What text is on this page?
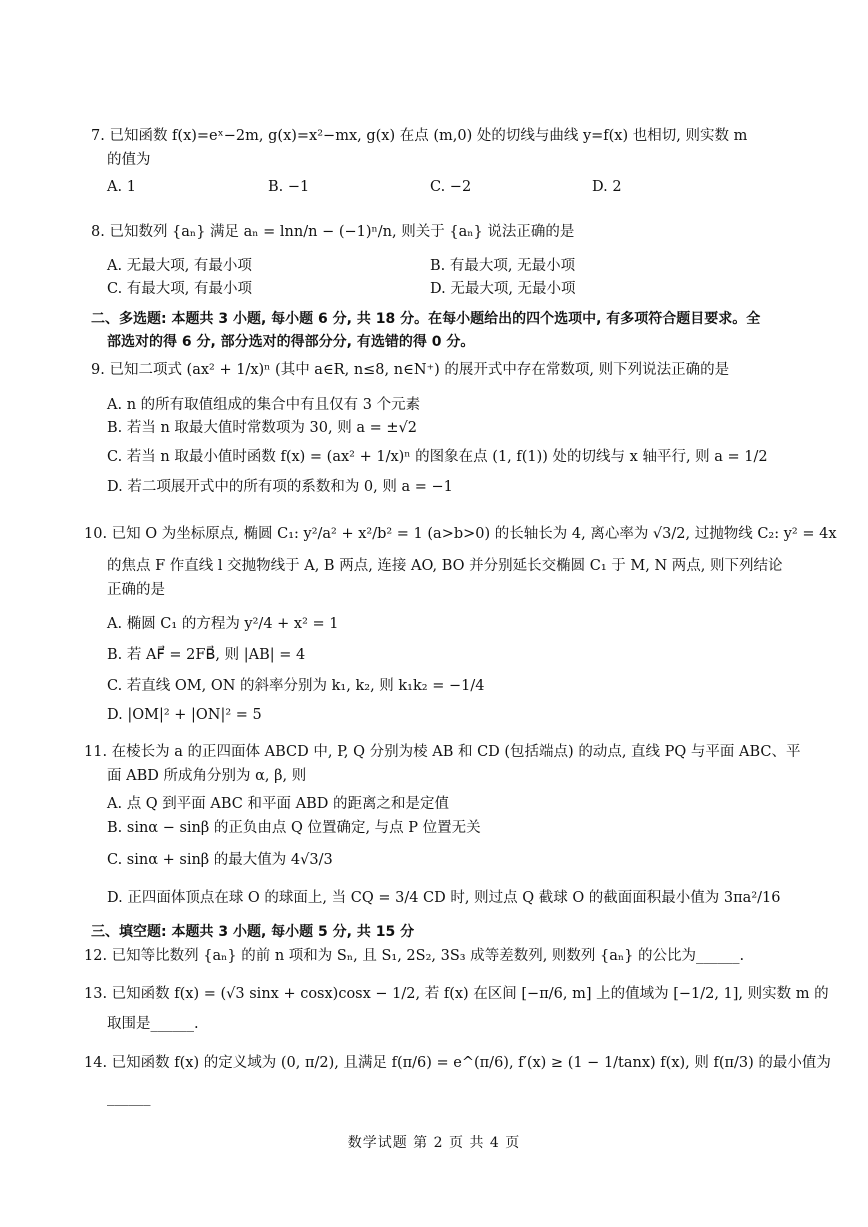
7. 已知函数 f(x)=eˣ−2m, g(x)=x²−mx, g(x) 在点 (m,0) 处的切线与曲线 y=f(x) 也相切, 则实数 m
的值为
A. 1	B. −1	C. −2	D. 2
8. 已知数列 {aₙ} 满足 aₙ = lnn/n − (−1)ⁿ/n, 则关于 {aₙ} 说法正确的是
A. 无最大项, 有最小项	B. 有最大项, 无最小项
C. 有最大项, 有最小项	D. 无最大项, 无最小项
二、多选题: 本题共 3 小题, 每小题 6 分, 共 18 分。在每小题给出的四个选项中, 有多项符合题目要求。全
部选对的得 6 分, 部分选对的得部分分, 有选错的得 0 分。
9. 已知二项式 (ax² + 1/x)ⁿ (其中 a∈R, n≤8, n∈N⁺) 的展开式中存在常数项, 则下列说法正确的是
A. n 的所有取值组成的集合中有且仅有 3 个元素
B. 若当 n 取最大值时常数项为 30, 则 a = ±√2
C. 若当 n 取最小值时函数 f(x) = (ax² + 1/x)ⁿ 的图象在点 (1, f(1)) 处的切线与 x 轴平行, 则 a = 1/2
D. 若二项展开式中的所有项的系数和为 0, 则 a = −1
10. 已知 O 为坐标原点, 椭圆 C₁: y²/a² + x²/b² = 1 (a>b>0) 的长轴长为 4, 离心率为 √3/2, 过抛物线 C₂: y² = 4x
的焦点 F 作直线 l 交抛物线于 A, B 两点, 连接 AO, BO 并分别延长交椭圆 C₁ 于 M, N 两点, 则下列结论
正确的是
A. 椭圆 C₁ 的方程为 y²/4 + x² = 1
B. 若 AF⃗ = 2FB⃗, 则 |AB| = 4
C. 若直线 OM, ON 的斜率分别为 k₁, k₂, 则 k₁k₂ = −1/4
D. |OM|² + |ON|² = 5
11. 在棱长为 a 的正四面体 ABCD 中, P, Q 分别为棱 AB 和 CD (包括端点) 的动点, 直线 PQ 与平面 ABC、平
面 ABD 所成角分别为 α, β, 则
A. 点 Q 到平面 ABC 和平面 ABD 的距离之和是定值
B. sinα − sinβ 的正负由点 Q 位置确定, 与点 P 位置无关
C. sinα + sinβ 的最大值为 4√3/3
D. 正四面体顶点在球 O 的球面上, 当 CQ = 3/4 CD 时, 则过点 Q 截球 O 的截面面积最小值为 3πa²/16
三、填空题: 本题共 3 小题, 每小题 5 分, 共 15 分
12. 已知等比数列 {aₙ} 的前 n 项和为 Sₙ, 且 S₁, 2S₂, 3S₃ 成等差数列, 则数列 {aₙ} 的公比为______.
13. 已知函数 f(x) = (√3 sinx + cosx)cosx − 1/2, 若 f(x) 在区间 [−π/6, m] 上的值域为 [−1/2, 1], 则实数 m 的
取围是______.
14. 已知函数 f(x) 的定义域为 (0, π/2), 且满足 f(π/6) = e^(π/6), f′(x) ≥ (1 − 1/tanx) f(x), 则 f(π/3) 的最小值为
______
数学试题 第 2 页 共 4 页
